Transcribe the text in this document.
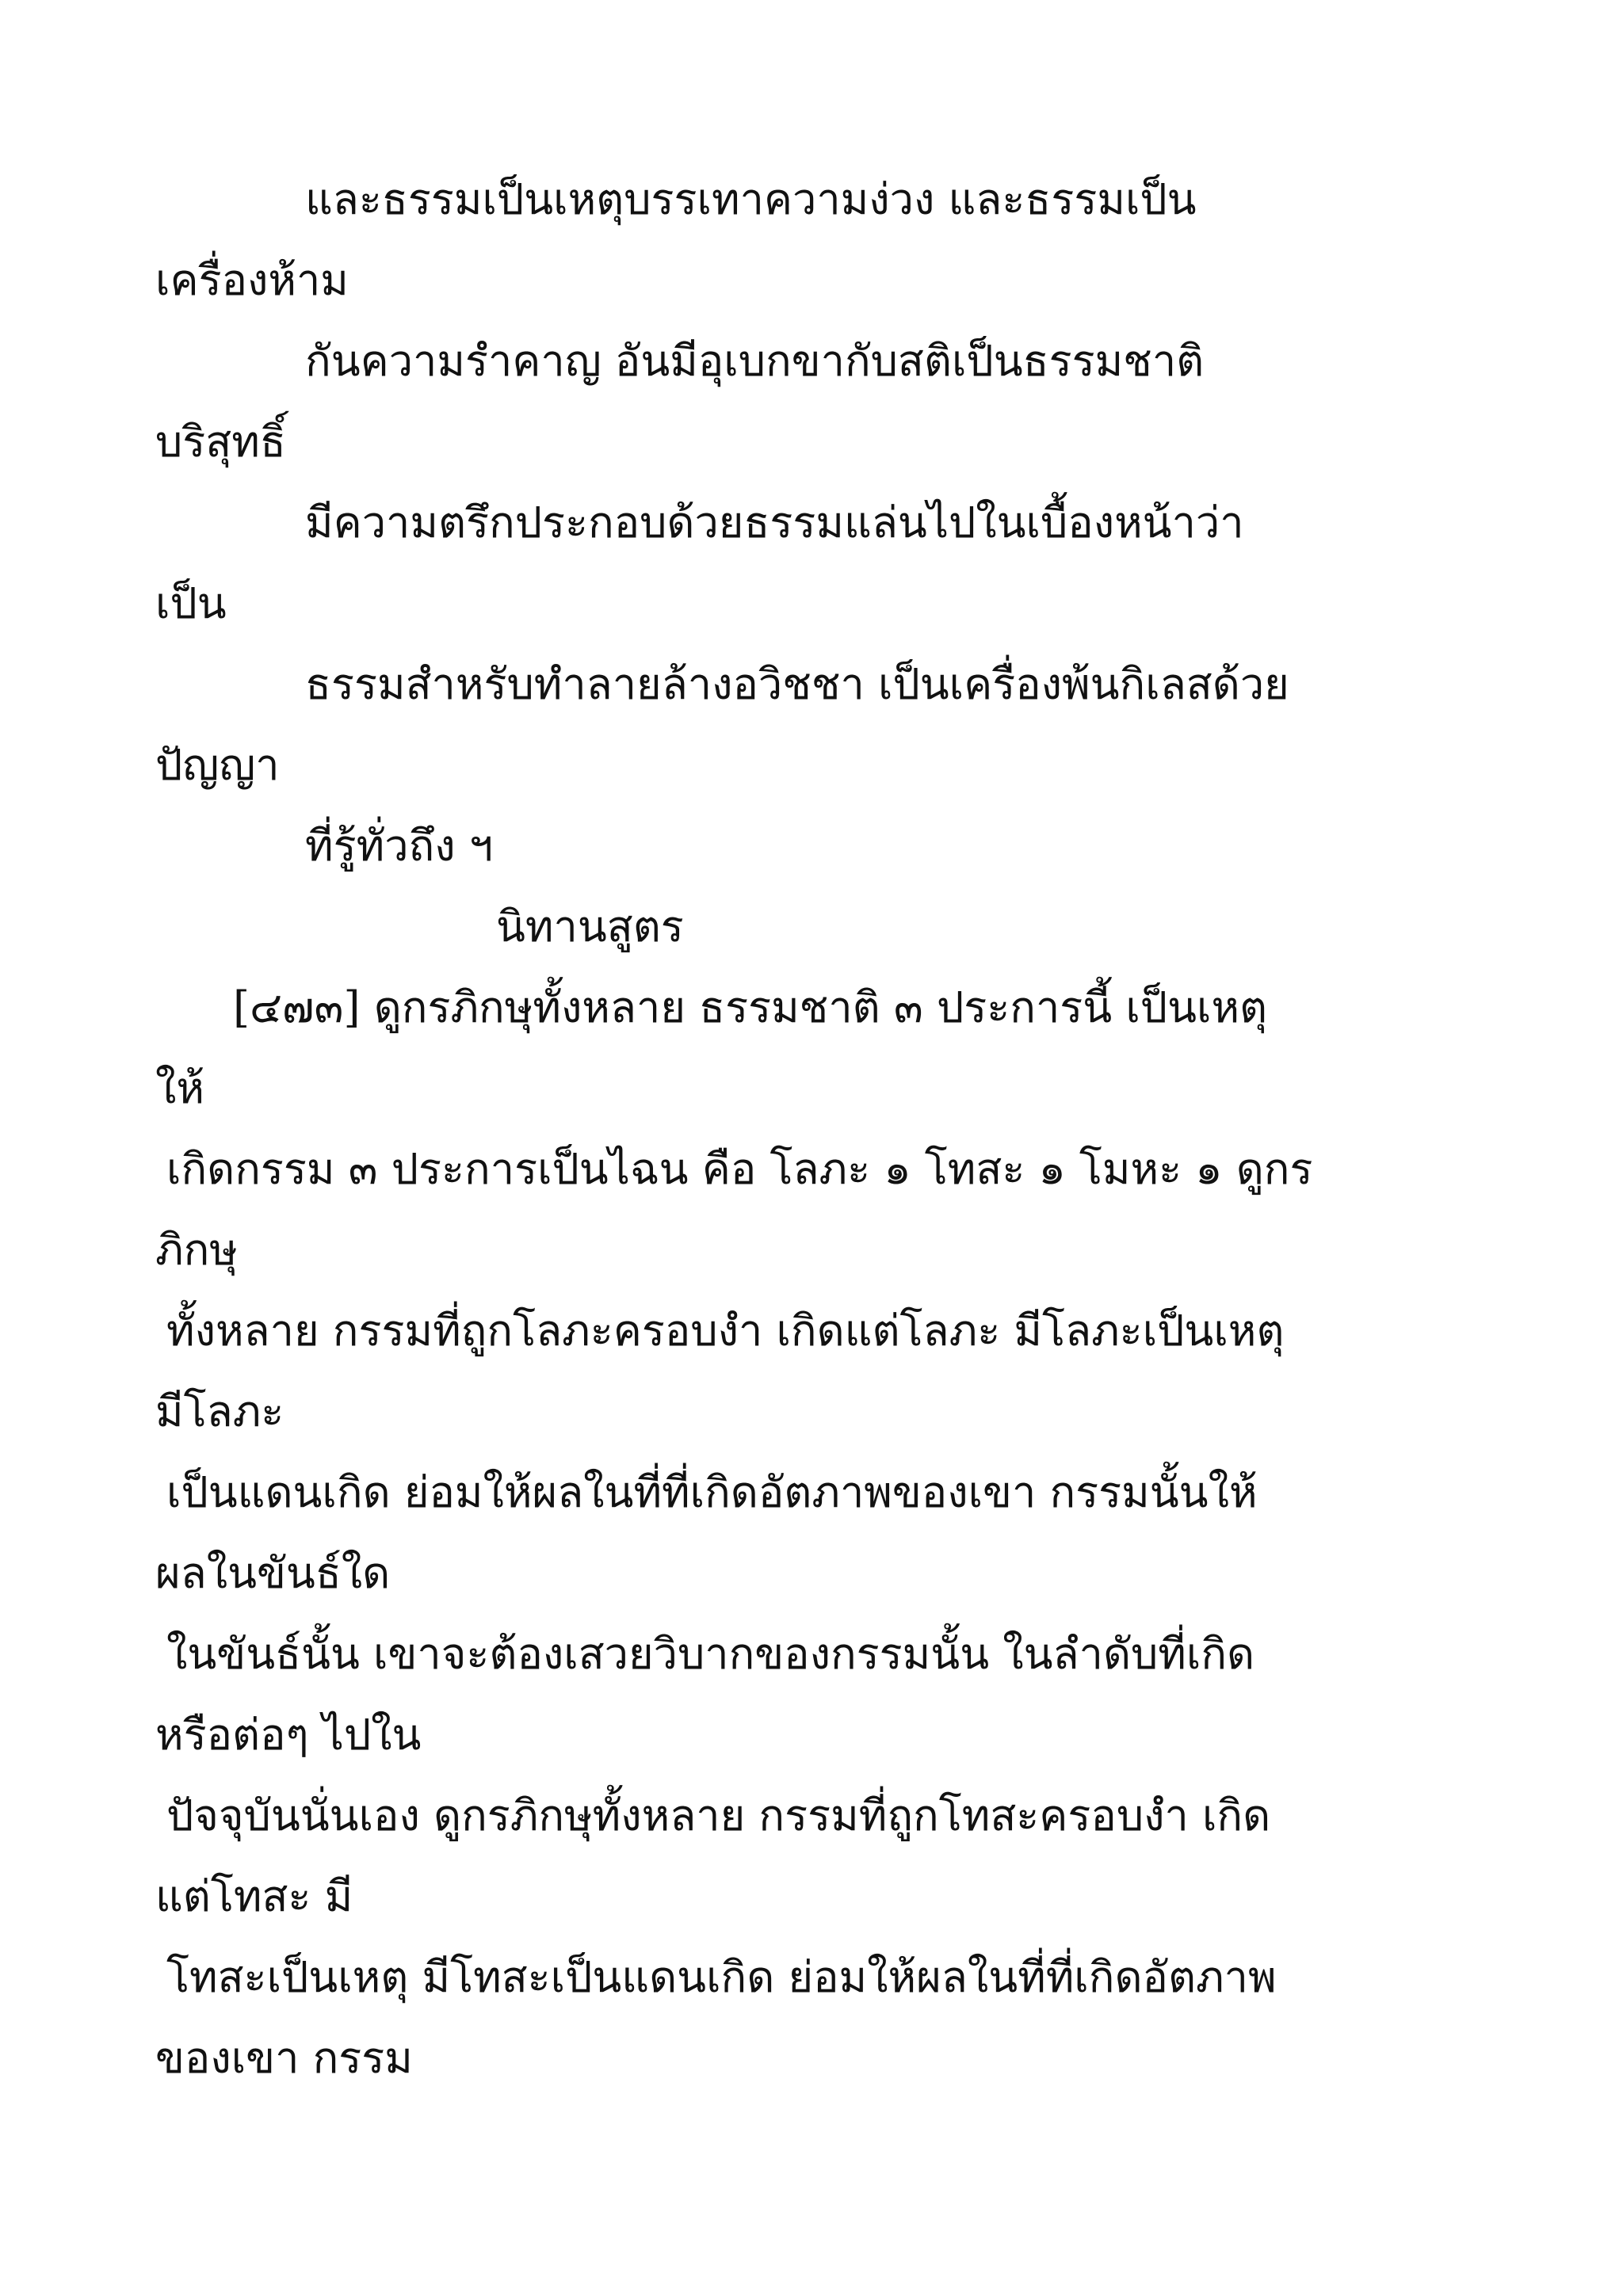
และธรรมเป็นเหตุบรรเทาความง่วง และธรรมเป็น
เครื่องห้าม
กันความรำคาญ อันมีอุเบกขากับสติเป็นธรรมชาติ
บริสุทธิ์
มีความตรึกประกอบด้วยธรรมแล่นไปในเบื้องหน้าว่า
เป็น
ธรรมสำหรับทำลายล้างอวิชชา เป็นเครื่องพ้นกิเลสด้วย
ปัญญา
ที่รู้ทั่วถึง ฯ
นิทานสูตร
[๔๗๓] ดูกรภิกษุทั้งหลาย ธรรมชาติ ๓ ประการนี้ เป็นเหตุ
ให้
เกิดกรรม ๓ ประการเป็นไฉน คือ โลภะ ๑ โทสะ ๑ โมหะ ๑ ดูกร
ภิกษุ
ทั้งหลาย กรรมที่ถูกโลภะครอบงำ เกิดแต่โลภะ มีโลภะเป็นเหตุ
มีโลภะ
เป็นแดนเกิด ย่อมให้ผลในที่ที่เกิดอัตภาพของเขา กรรมนั้นให้
ผลในขันธ์ใด
ในขันธ์นั้น เขาจะต้องเสวยวิบากของกรรมนั้น ในลำดับที่เกิด
หรือต่อๆ ไปใน
ปัจจุบันนั่นเอง ดูกรภิกษุทั้งหลาย กรรมที่ถูกโทสะครอบงำ เกิด
แต่โทสะ มี
โทสะเป็นเหตุ มีโทสะเป็นแดนเกิด ย่อมให้ผลในที่ที่เกิดอัตภาพ
ของเขา กรรม
